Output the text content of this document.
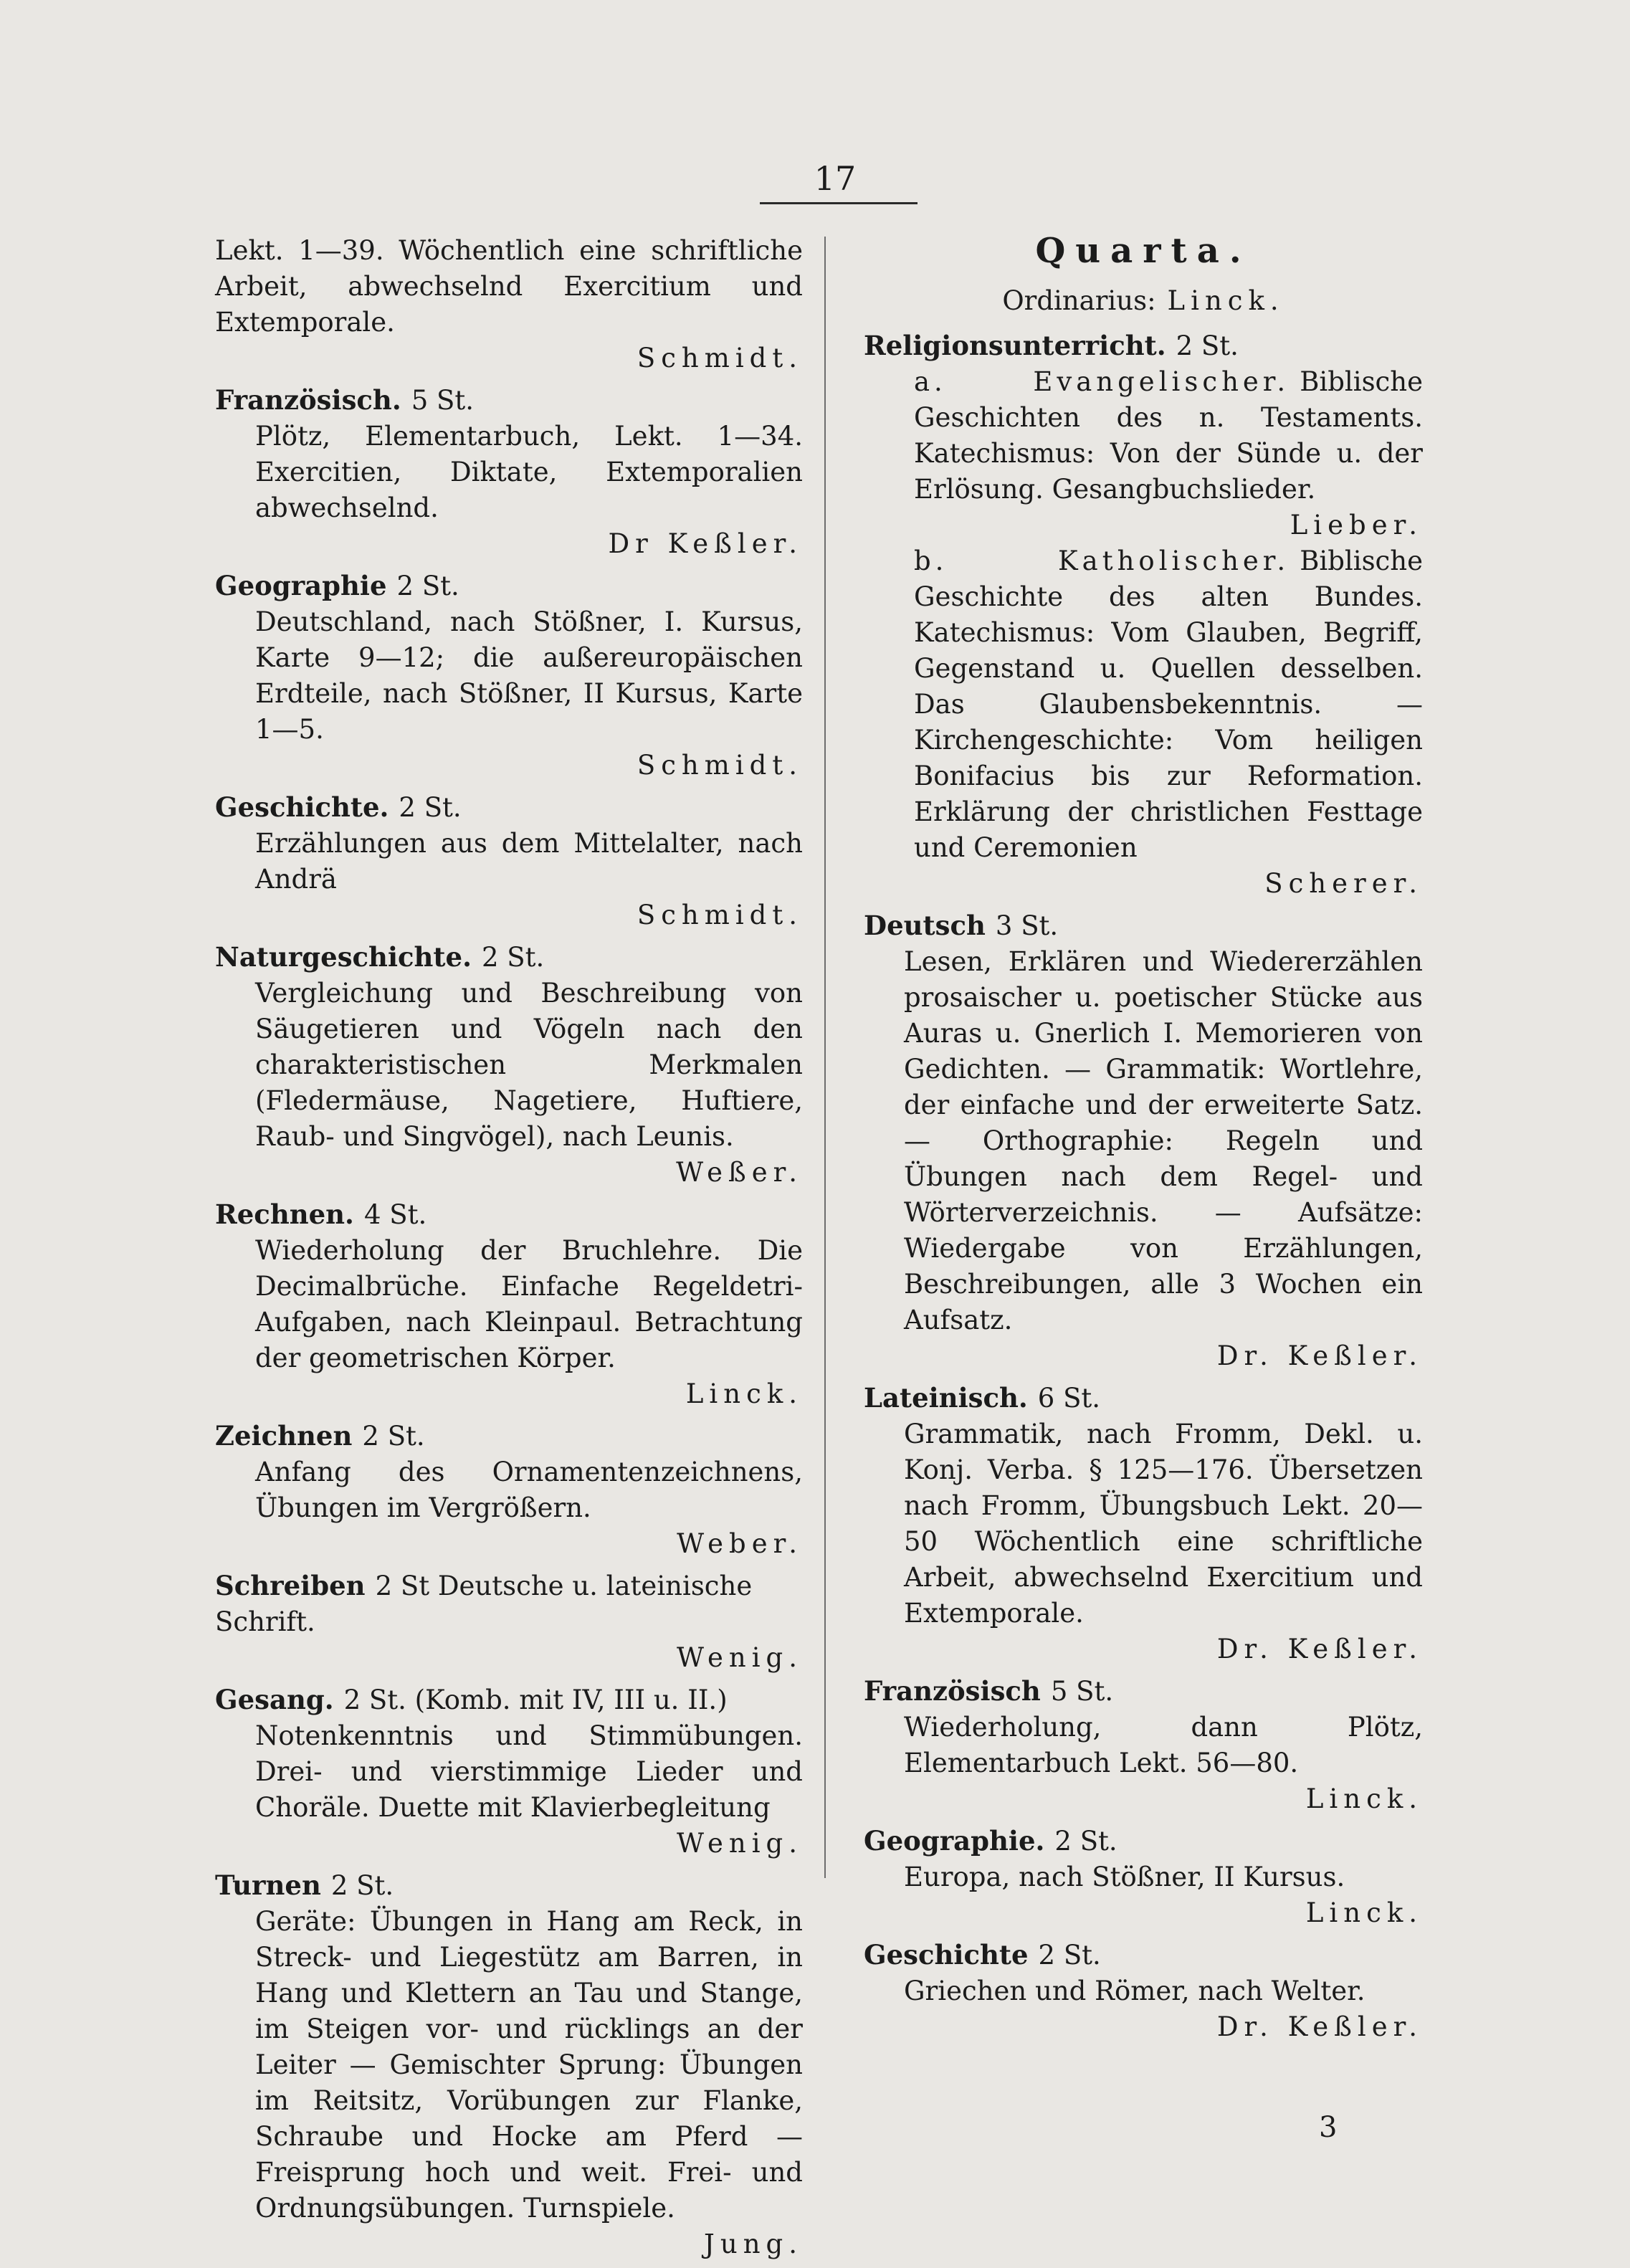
17
Lekt. 1—39. Wöchentlich eine schriftliche Arbeit, abwechselnd Exercitium und Extemporale.
Schmidt.
Französisch. 5 St.
Plötz, Elementarbuch, Lekt. 1—34. Exercitien, Diktate, Extemporalien abwechselnd.
Dr Keßler.
Geographie 2 St.
Deutschland, nach Stößner, I. Kursus, Karte 9—12; die außereuropäischen Erdteile, nach Stößner, II Kursus, Karte 1—5.
Schmidt.
Geschichte. 2 St.
Erzählungen aus dem Mittelalter, nach Andrä
Schmidt.
Naturgeschichte. 2 St.
Vergleichung und Beschreibung von Säugetieren und Vögeln nach den charakteristischen Merkmalen (Fledermäuse, Nagetiere, Huftiere, Raub- und Singvögel), nach Leunis.
Weßer.
Rechnen. 4 St.
Wiederholung der Bruchlehre. Die Decimalbrüche. Einfache Regeldetri-Aufgaben, nach Kleinpaul. Betrachtung der geometrischen Körper.
Linck.
Zeichnen 2 St.
Anfang des Ornamentenzeichnens, Übungen im Vergrößern.
Weber.
Schreiben 2 St Deutsche u. lateinische Schrift.
Wenig.
Gesang. 2 St. (Komb. mit IV, III u. II.)
Notenkenntnis und Stimmübungen. Drei- und vierstimmige Lieder und Choräle. Duette mit Klavierbegleitung
Wenig.
Turnen 2 St.
Geräte: Übungen in Hang am Reck, in Streck- und Liegestütz am Barren, in Hang und Klettern an Tau und Stange, im Steigen vor- und rücklings an der Leiter — Gemischter Sprung: Übungen im Reitsitz, Vorübungen zur Flanke, Schraube und Hocke am Pferd — Freisprung hoch und weit. Frei- und Ordnungsübungen. Turnspiele.
Jung.
Quarta.
Ordinarius: Linck.
Religionsunterricht. 2 St.
a. Evangelischer. Biblische Geschichten des n. Testaments. Katechismus: Von der Sünde u. der Erlösung. Gesangbuchslieder.
Lieber.
b. Katholischer. Biblische Geschichte des alten Bundes. Katechismus: Vom Glauben, Begriff, Gegenstand u. Quellen desselben. Das Glaubensbekenntnis. — Kirchengeschichte: Vom heiligen Bonifacius bis zur Reformation. Erklärung der christlichen Festtage und Ceremonien
Scherer.
Deutsch 3 St.
Lesen, Erklären und Wiedererzählen prosaischer u. poetischer Stücke aus Auras u. Gnerlich I. Memorieren von Gedichten. — Grammatik: Wortlehre, der einfache und der erweiterte Satz. — Orthographie: Regeln und Übungen nach dem Regel- und Wörterverzeichnis. — Aufsätze: Wiedergabe von Erzählungen, Beschreibungen, alle 3 Wochen ein Aufsatz.
Dr. Keßler.
Lateinisch. 6 St.
Grammatik, nach Fromm, Dekl. u. Konj. Verba. § 125—176. Übersetzen nach Fromm, Übungsbuch Lekt. 20—50 Wöchentlich eine schriftliche Arbeit, abwechselnd Exercitium und Extemporale.
Dr. Keßler.
Französisch 5 St.
Wiederholung, dann Plötz, Elementarbuch Lekt. 56—80.
Linck.
Geographie. 2 St.
Europa, nach Stößner, II Kursus.
Linck.
Geschichte 2 St.
Griechen und Römer, nach Welter.
Dr. Keßler.
3
